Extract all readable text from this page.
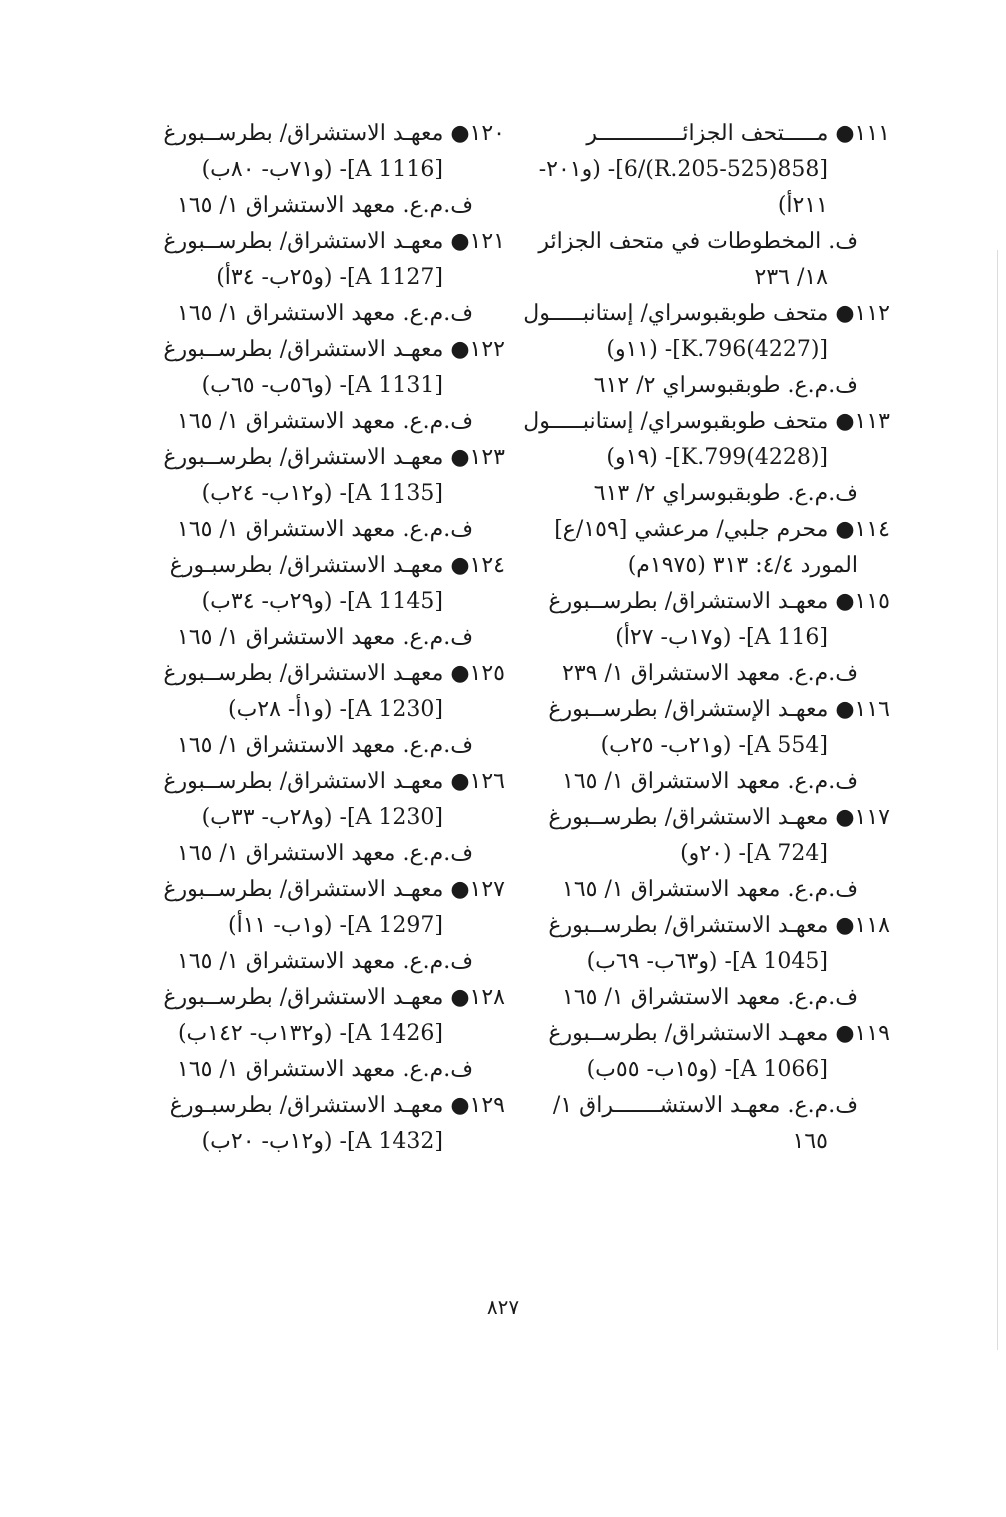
١١١● مـــــتحف الجزائـــــــــــــر
[858(525-R.205)/6]- (و٢٠١-
٢١١أ)
ف. المخطوطات في متحف الجزائر
١٨/ ٢٣٦
١١٢● متحف طوبقبوسراي/ إستانبـــــول
[(4227)K.796]- (١١و)
ف.م.ع. طوبقبوسراي ٢/ ٦١٢
١١٣● متحف طوبقبوسراي/ إستانبـــــول
[(4228)K.799]- (١٩و)
ف.م.ع. طوبقبوسراي ٢/ ٦١٣
١١٤● محرم جلبي/ مرعشي [١٥٩/ع]
المورد ٤/٤: ٣١٣ (١٩٧٥م)
١١٥● معهـد الاستشراق/ بطرســبورغ
[A 116]- (و١٧ب- ٢٧أ)
ف.م.ع. معهد الاستشراق ١/ ٢٣٩
١١٦● معهـد الإستشراق/ بطرســبورغ
[A 554]- (و٢١ب- ٢٥ب)
ف.م.ع. معهد الاستشراق ١/ ١٦٥
١١٧● معهـد الاستشراق/ بطرســبورغ
[A 724]- (٢٠و)
ف.م.ع. معهد الاستشراق ١/ ١٦٥
١١٨● معهـد الاستشراق/ بطرســبورغ
[A 1045]- (و٦٣ب- ٦٩ب)
ف.م.ع. معهد الاستشراق ١/ ١٦٥
١١٩● معهـد الاستشراق/ بطرســبورغ
[A 1066]- (و١٥ب- ٥٥ب)
ف.م.ع. معهـد الاستشـــــــراق ١/
١٦٥
١٢٠● معهـد الاستشراق/ بطرســبورغ
[A 1116]- (و٧١ب- ٨٠ب)
ف.م.ع. معهد الاستشراق ١/ ١٦٥
١٢١● معهـد الاستشراق/ بطرســبورغ
[A 1127]- (و٢٥ب- ٣٤أ)
ف.م.ع. معهد الاستشراق ١/ ١٦٥
١٢٢● معهـد الاستشراق/ بطرســبورغ
[A 1131]- (و٥٦ب- ٦٥ب)
ف.م.ع. معهد الاستشراق ١/ ١٦٥
١٢٣● معهـد الاستشراق/ بطرســبورغ
[A 1135]- (و١٢ب- ٢٤ب)
ف.م.ع. معهد الاستشراق ١/ ١٦٥
١٢٤● معهـد الاستشراق/ بطرسبـورغ
[A 1145]- (و٢٩ب- ٣٤ب)
ف.م.ع. معهد الاستشراق ١/ ١٦٥
١٢٥● معهـد الاستشراق/ بطرســبورغ
[A 1230]- (و١أ- ٢٨ب)
ف.م.ع. معهد الاستشراق ١/ ١٦٥
١٢٦● معهـد الاستشراق/ بطرســبورغ
[A 1230]- (و٢٨ب- ٣٣ب)
ف.م.ع. معهد الاستشراق ١/ ١٦٥
١٢٧● معهـد الاستشراق/ بطرســبورغ
[A 1297]- (و١ب- ١١أ)
ف.م.ع. معهد الاستشراق ١/ ١٦٥
١٢٨● معهـد الاستشراق/ بطرســبورغ
[A 1426]- (و١٣٢ب- ١٤٢ب)
ف.م.ع. معهد الاستشراق ١/ ١٦٥
١٢٩● معهـد الاستشراق/ بطرسبـورغ
[A 1432]- (و١٢ب- ٢٠ب)
٨٢٧
